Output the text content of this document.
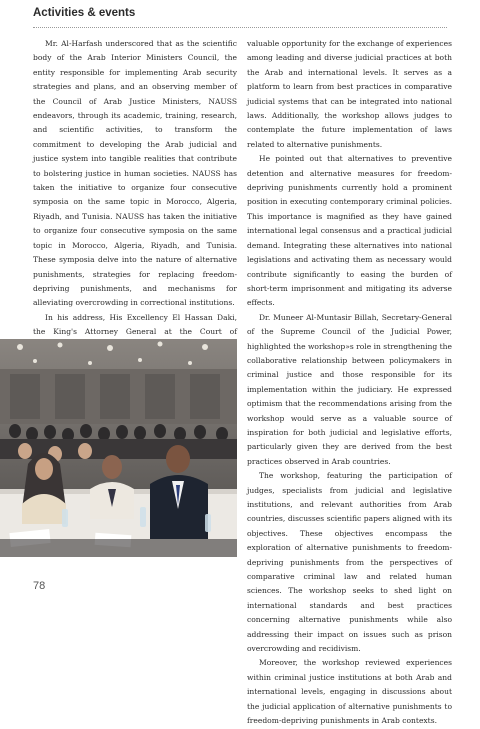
Activities & events

Mr. Al-Harfash underscored that as the scientific body of the Arab Interior Ministers Council, the entity responsible for implementing Arab security strategies and plans, and an observing member of the Council of Arab Justice Ministers, NAUSS endeavors, through its academic, training, research, and scientific activities, to transform the commitment to developing the Arab judicial and justice system into tangible realities that contribute to bolstering justice in human societies. NAUSS has taken the initiative to organize four consecutive symposia on the same topic in Morocco, Algeria, Riyadh, and Tunisia. NAUSS has taken the initiative to organize four consecutive symposia on the same topic in Morocco, Algeria, Riyadh, and Tunisia. These symposia delve into the nature of alternative punishments, strategies for replacing freedom-depriving punishments, and mechanisms for alleviating overcrowding in correctional institutions.

In his address, His Excellency El Hassan Daki, the King's Attorney General at the Court of

valuable opportunity for the exchange of experiences among leading and diverse judicial practices at both the Arab and international levels. It serves as a platform to learn from best practices in comparative judicial systems that can be integrated into national laws. Additionally, the workshop allows judges to contemplate the future implementation of laws related to alternative punishments.

He pointed out that alternatives to preventive detention and alternative measures for freedom-depriving punishments currently hold a prominent position in executing contemporary criminal policies. This importance is magnified as they have gained international legal consensus and a practical judicial demand. Integrating these alternatives into national legislations and activating them as necessary would contribute significantly to easing the burden of short-term imprisonment and mitigating its adverse effects.

Dr. Muneer Al-Muntasir Billah, Secretary-General of the Supreme Council of the Judicial Power, highlighted the workshop»s role in strengthening the collaborative relationship between policymakers in criminal justice and those responsible for its implementation within the judiciary. He expressed optimism that the recommendations arising from the workshop would serve as a valuable source of inspiration for both judicial and legislative efforts, particularly given they are derived from the best practices observed in Arab countries.

The workshop, featuring the participation of judges, specialists from judicial and legislative institutions, and relevant authorities from Arab countries, discusses scientific papers aligned with its objectives. These objectives encompass the exploration of alternative punishments to freedom-depriving punishments from the perspectives of comparative criminal law and related human sciences. The workshop seeks to shed light on international standards and best practices concerning alternative punishments while also addressing their impact on issues such as prison overcrowding and recidivism.

Moreover, the workshop reviewed experiences within criminal justice institutions at both Arab and international levels, engaging in discussions about the judicial application of alternative punishments to freedom-depriving punishments in Arab contexts.

78
